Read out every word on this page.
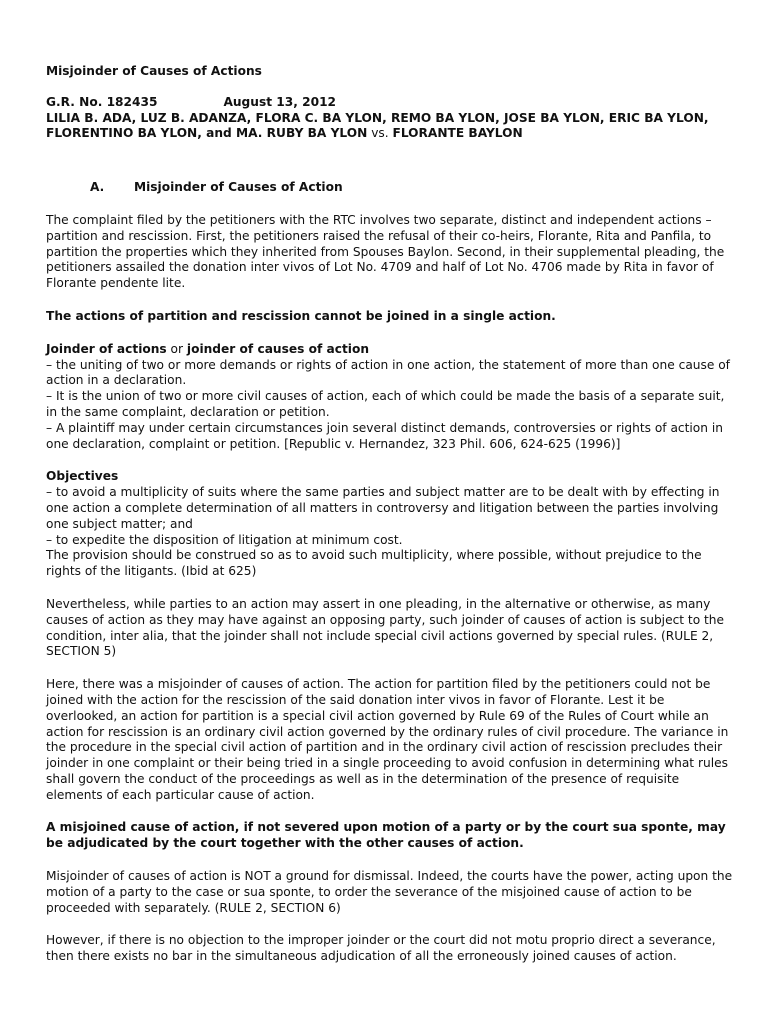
Misjoinder of Causes of Actions

G.R. No. 182435	August 13, 2012
LILIA B. ADA, LUZ B. ADANZA, FLORA C. BA YLON, REMO BA YLON, JOSE BA YLON, ERIC BA YLON, FLORENTINO BA YLON, and MA. RUBY BA YLON vs. FLORANTE BAYLON
A. Misjoinder of Causes of Action

The complaint filed by the petitioners with the RTC involves two separate, distinct and independent actions – partition and rescission. First, the petitioners raised the refusal of their co-heirs, Florante, Rita and Panfila, to partition the properties which they inherited from Spouses Baylon. Second, in their supplemental pleading, the petitioners assailed the donation inter vivos of Lot No. 4709 and half of Lot No. 4706 made by Rita in favor of Florante pendente lite.

The actions of partition and rescission cannot be joined in a single action.

Joinder of actions or joinder of causes of action

– the uniting of two or more demands or rights of action in one action, the statement of more than one cause of action in a declaration.

– It is the union of two or more civil causes of action, each of which could be made the basis of a separate suit, in the same complaint, declaration or petition.

– A plaintiff may under certain circumstances join several distinct demands, controversies or rights of action in one declaration, complaint or petition. [Republic v. Hernandez, 323 Phil. 606, 624-625 (1996)]

Objectives

– to avoid a multiplicity of suits where the same parties and subject matter are to be dealt with by effecting in one action a complete determination of all matters in controversy and litigation between the parties involving one subject matter; and

– to expedite the disposition of litigation at minimum cost.

The provision should be construed so as to avoid such multiplicity, where possible, without prejudice to the rights of the litigants. (Ibid at 625)

Nevertheless, while parties to an action may assert in one pleading, in the alternative or otherwise, as many causes of action as they may have against an opposing party, such joinder of causes of action is subject to the condition, inter alia, that the joinder shall not include special civil actions governed by special rules. (RULE 2, SECTION 5)

Here, there was a misjoinder of causes of action. The action for partition filed by the petitioners could not be joined with the action for the rescission of the said donation inter vivos in favor of Florante. Lest it be overlooked, an action for partition is a special civil action governed by Rule 69 of the Rules of Court while an action for rescission is an ordinary civil action governed by the ordinary rules of civil procedure. The variance in the procedure in the special civil action of partition and in the ordinary civil action of rescission precludes their joinder in one complaint or their being tried in a single proceeding to avoid confusion in determining what rules shall govern the conduct of the proceedings as well as in the determination of the presence of requisite elements of each particular cause of action.

A misjoined cause of action, if not severed upon motion of a party or by the court sua sponte, may be adjudicated by the court together with the other causes of action.

Misjoinder of causes of action is NOT a ground for dismissal. Indeed, the courts have the power, acting upon the motion of a party to the case or sua sponte, to order the severance of the misjoined cause of action to be proceeded with separately. (RULE 2, SECTION 6)

However, if there is no objection to the improper joinder or the court did not motu proprio direct a severance, then there exists no bar in the simultaneous adjudication of all the erroneously joined causes of action.
